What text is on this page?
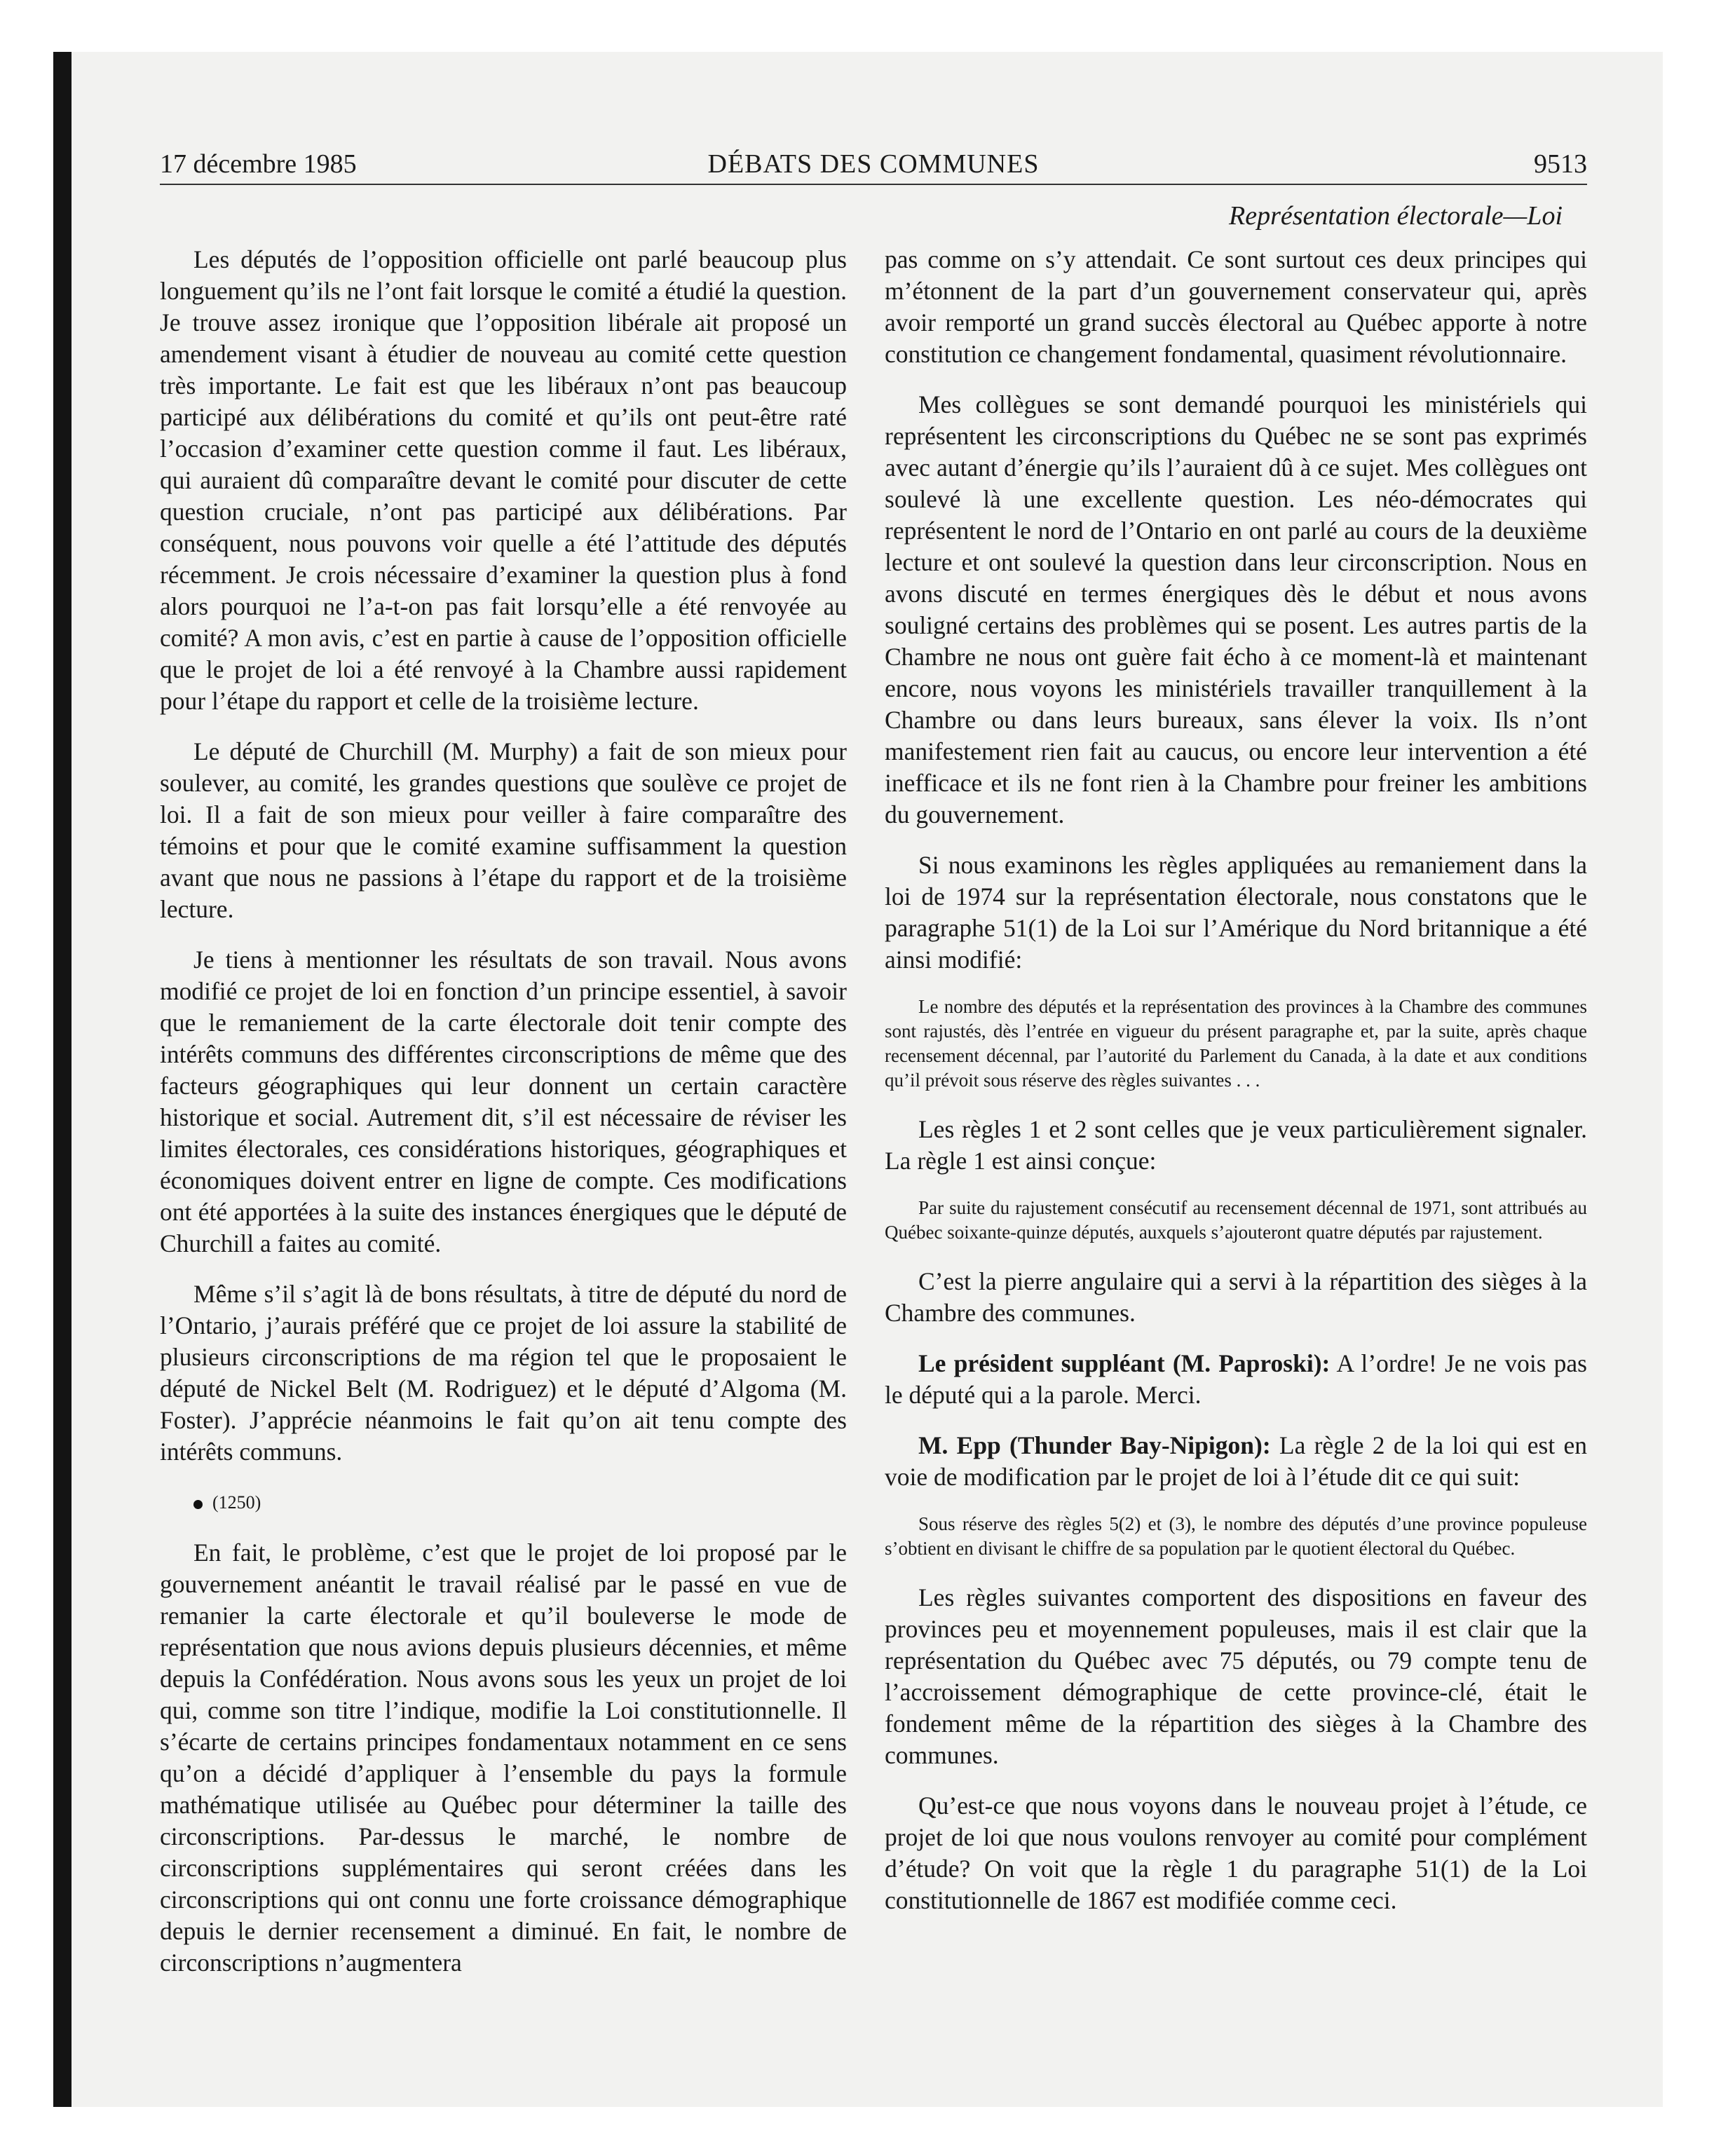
17 décembre 1985	DÉBATS DES COMMUNES	9513
Représentation électorale—Loi

Les députés de l’opposition officielle ont parlé beaucoup plus longuement qu’ils ne l’ont fait lorsque le comité a étudié la question. Je trouve assez ironique que l’opposition libérale ait proposé un amendement visant à étudier de nouveau au comité cette question très importante. Le fait est que les libéraux n’ont pas beaucoup participé aux délibérations du comité et qu’ils ont peut-être raté l’occasion d’examiner cette question comme il faut. Les libéraux, qui auraient dû comparaître devant le comité pour discuter de cette question cruciale, n’ont pas participé aux délibérations. Par conséquent, nous pouvons voir quelle a été l’attitude des députés récemment. Je crois nécessaire d’examiner la question plus à fond alors pourquoi ne l’a-t-on pas fait lorsqu’elle a été renvoyée au comité? A mon avis, c’est en partie à cause de l’opposition officielle que le projet de loi a été renvoyé à la Chambre aussi rapidement pour l’étape du rapport et celle de la troisième lecture.

Le député de Churchill (M. Murphy) a fait de son mieux pour soulever, au comité, les grandes questions que soulève ce projet de loi. Il a fait de son mieux pour veiller à faire comparaître des témoins et pour que le comité examine suffisamment la question avant que nous ne passions à l’étape du rapport et de la troisième lecture.

Je tiens à mentionner les résultats de son travail. Nous avons modifié ce projet de loi en fonction d’un principe essentiel, à savoir que le remaniement de la carte électorale doit tenir compte des intérêts communs des différentes circonscriptions de même que des facteurs géographiques qui leur donnent un certain caractère historique et social. Autrement dit, s’il est nécessaire de réviser les limites électorales, ces considérations historiques, géographiques et économiques doivent entrer en ligne de compte. Ces modifications ont été apportées à la suite des instances énergiques que le député de Churchill a faites au comité.

Même s’il s’agit là de bons résultats, à titre de député du nord de l’Ontario, j’aurais préféré que ce projet de loi assure la stabilité de plusieurs circonscriptions de ma région tel que le proposaient le député de Nickel Belt (M. Rodriguez) et le député d’Algoma (M. Foster). J’apprécie néanmoins le fait qu’on ait tenu compte des intérêts communs.

(1250)

En fait, le problème, c’est que le projet de loi proposé par le gouvernement anéantit le travail réalisé par le passé en vue de remanier la carte électorale et qu’il bouleverse le mode de représentation que nous avions depuis plusieurs décennies, et même depuis la Confédération. Nous avons sous les yeux un projet de loi qui, comme son titre l’indique, modifie la Loi constitutionnelle. Il s’écarte de certains principes fondamentaux notamment en ce sens qu’on a décidé d’appliquer à l’ensemble du pays la formule mathématique utilisée au Québec pour déterminer la taille des circonscriptions. Par-dessus le marché, le nombre de circonscriptions supplémentaires qui seront créées dans les circonscriptions qui ont connu une forte croissance démographique depuis le dernier recensement a diminué. En fait, le nombre de circonscriptions n’augmentera

pas comme on s’y attendait. Ce sont surtout ces deux principes qui m’étonnent de la part d’un gouvernement conservateur qui, après avoir remporté un grand succès électoral au Québec apporte à notre constitution ce changement fondamental, quasiment révolutionnaire.

Mes collègues se sont demandé pourquoi les ministériels qui représentent les circonscriptions du Québec ne se sont pas exprimés avec autant d’énergie qu’ils l’auraient dû à ce sujet. Mes collègues ont soulevé là une excellente question. Les néo-démocrates qui représentent le nord de l’Ontario en ont parlé au cours de la deuxième lecture et ont soulevé la question dans leur circonscription. Nous en avons discuté en termes énergiques dès le début et nous avons souligné certains des problèmes qui se posent. Les autres partis de la Chambre ne nous ont guère fait écho à ce moment-là et maintenant encore, nous voyons les ministériels travailler tranquillement à la Chambre ou dans leurs bureaux, sans élever la voix. Ils n’ont manifestement rien fait au caucus, ou encore leur intervention a été inefficace et ils ne font rien à la Chambre pour freiner les ambitions du gouvernement.

Si nous examinons les règles appliquées au remaniement dans la loi de 1974 sur la représentation électorale, nous constatons que le paragraphe 51(1) de la Loi sur l’Amérique du Nord britannique a été ainsi modifié:

Le nombre des députés et la représentation des provinces à la Chambre des communes sont rajustés, dès l’entrée en vigueur du présent paragraphe et, par la suite, après chaque recensement décennal, par l’autorité du Parlement du Canada, à la date et aux conditions qu’il prévoit sous réserve des règles suivantes . . .

Les règles 1 et 2 sont celles que je veux particulièrement signaler. La règle 1 est ainsi conçue:

Par suite du rajustement consécutif au recensement décennal de 1971, sont attribués au Québec soixante-quinze députés, auxquels s’ajouteront quatre députés par rajustement.

C’est la pierre angulaire qui a servi à la répartition des sièges à la Chambre des communes.

Le président suppléant (M. Paproski): A l’ordre! Je ne vois pas le député qui a la parole. Merci.

M. Epp (Thunder Bay-Nipigon): La règle 2 de la loi qui est en voie de modification par le projet de loi à l’étude dit ce qui suit:

Sous réserve des règles 5(2) et (3), le nombre des députés d’une province populeuse s’obtient en divisant le chiffre de sa population par le quotient électoral du Québec.

Les règles suivantes comportent des dispositions en faveur des provinces peu et moyennement populeuses, mais il est clair que la représentation du Québec avec 75 députés, ou 79 compte tenu de l’accroissement démographique de cette province-clé, était le fondement même de la répartition des sièges à la Chambre des communes.

Qu’est-ce que nous voyons dans le nouveau projet à l’étude, ce projet de loi que nous voulons renvoyer au comité pour complément d’étude? On voit que la règle 1 du paragraphe 51(1) de la Loi constitutionnelle de 1867 est modifiée comme ceci.
